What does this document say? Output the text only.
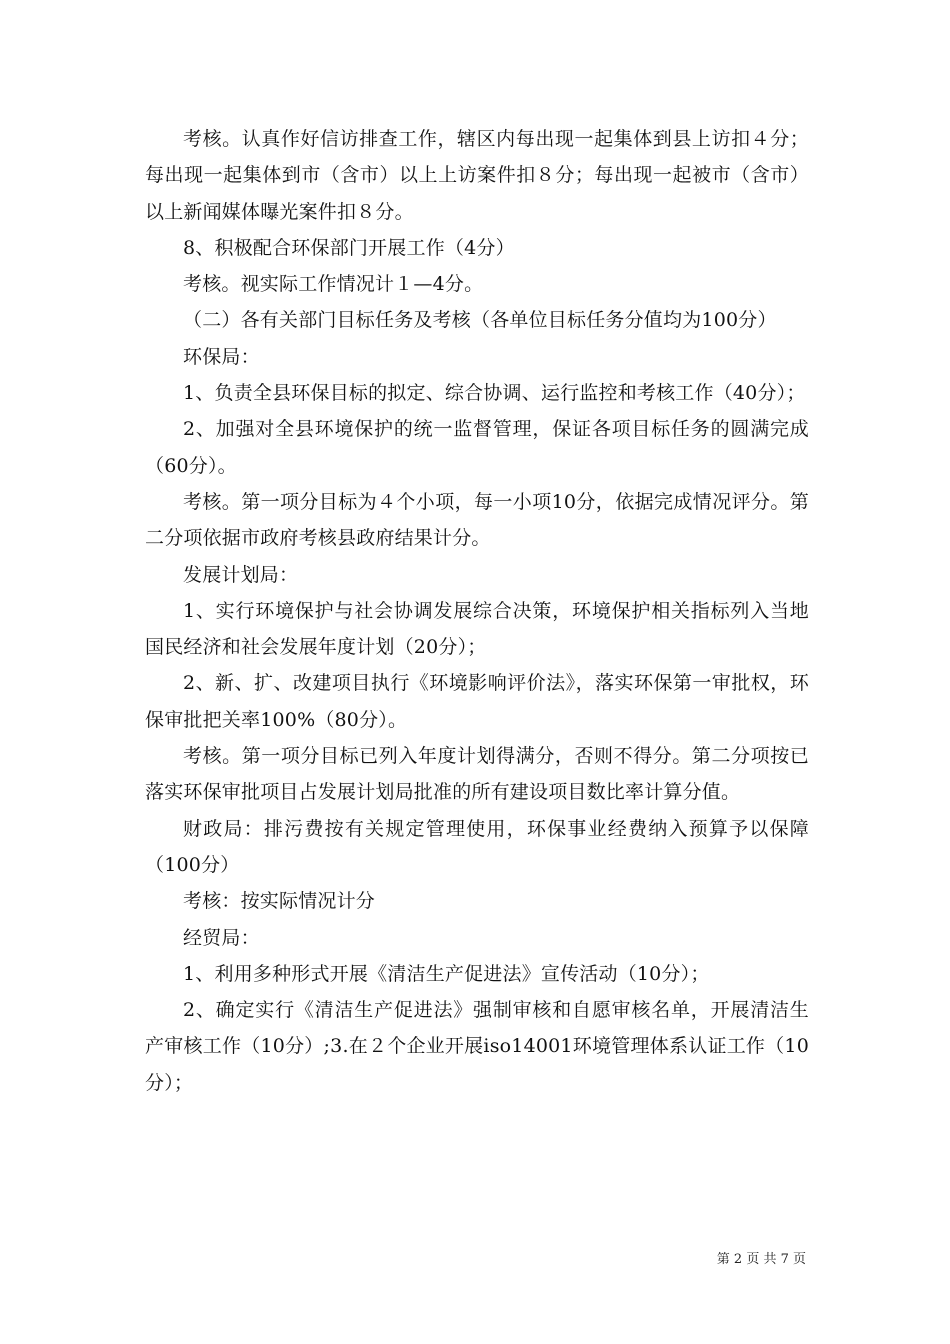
考核。认真作好信访排查工作，辖区内每出现一起集体到县上访扣４分；每出现一起集体到市（含市）以上上访案件扣８分；每出现一起被市（含市）以上新闻媒体曝光案件扣８分。

8、积极配合环保部门开展工作（4分）

考核。视实际工作情况计１—4分。

（二）各有关部门目标任务及考核（各单位目标任务分值均为100分）

环保局：

1、负责全县环保目标的拟定、综合协调、运行监控和考核工作（40分）；

2、加强对全县环境保护的统一监督管理，保证各项目标任务的圆满完成（60分）。

考核。第一项分目标为４个小项，每一小项10分，依据完成情况评分。第二分项依据市政府考核县政府结果计分。

发展计划局：

1、实行环境保护与社会协调发展综合决策，环境保护相关指标列入当地国民经济和社会发展年度计划（20分）；

2、新、扩、改建项目执行《环境影响评价法》，落实环保第一审批权，环保审批把关率100%（80分）。

考核。第一项分目标已列入年度计划得满分，否则不得分。第二分项按已落实环保审批项目占发展计划局批准的所有建设项目数比率计算分值。

财政局：排污费按有关规定管理使用，环保事业经费纳入预算予以保障（100分）

考核：按实际情况计分

经贸局：

1、利用多种形式开展《清洁生产促进法》宣传活动（10分）；

2、确定实行《清洁生产促进法》强制审核和自愿审核名单，开展清洁生产审核工作（10分）;3.在２个企业开展iso14001环境管理体系认证工作（10分）；

第 2 页 共 7 页
